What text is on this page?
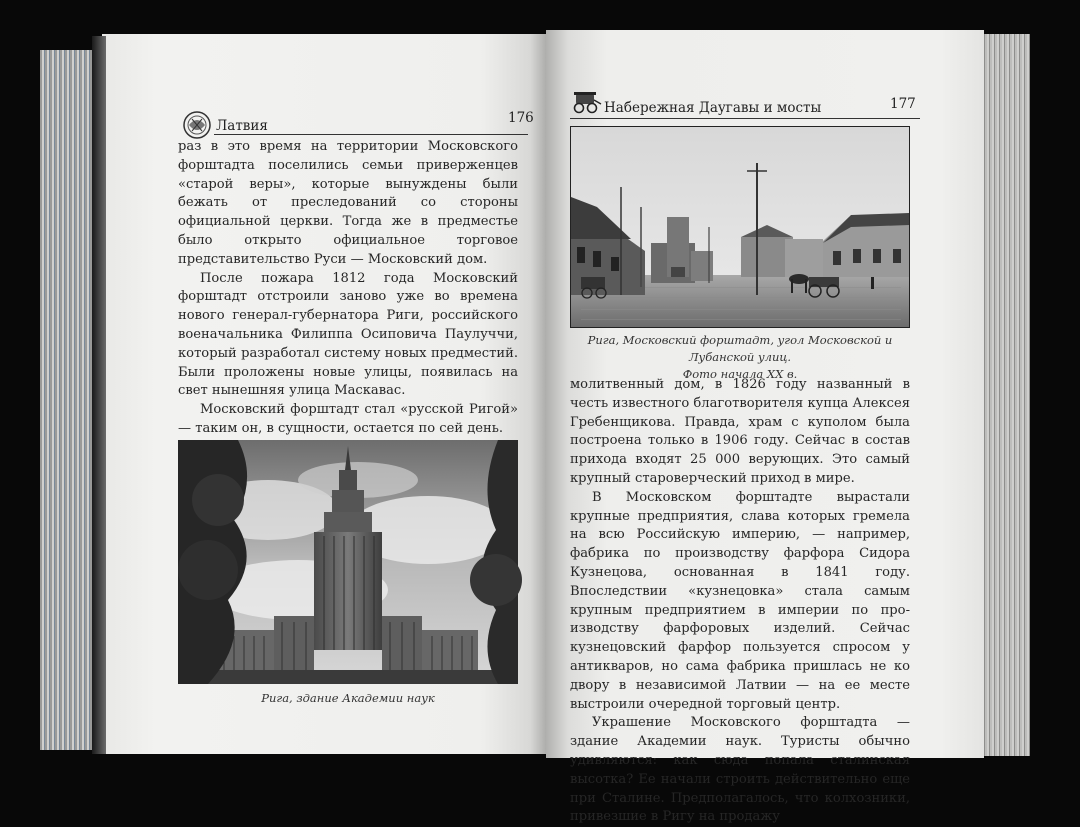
Латвия	176

раз в это время на территории Московского форштадта поселились семьи приверженцев «старой веры», которые вынуждены были бежать от преследований со стороны официальной церкви. Тогда же в предместье было открыто официальное торговое представительство Руси — Московский дом.

После пожара 1812 года Московский форштадт отстроили заново уже во времена нового генерал-губернатора Риги, российского военачальника Филиппа Осиповича Паулуччи, который разработал систему новых предместий. Были проложены новые улицы, появилась на свет нынешняя улица Маскавас.

Московский форштадт стал «русской Ригой» — таким он, в сущности, остается по сей день.

Рига, здание Академии наук
Набережная Даугавы и мосты	177
Рига, Московский форштадт, угол Московской и Лубанской улиц.
Фото начала XX в.

молитвенный дом, в 1826 году названный в честь известного благотворителя купца Алексея Гребенщикова. Правда, храм с куполом была построена только в 1906 году. Сейчас в состав прихода входят 25 000 верующих. Это самый крупный староверческий приход в мире.

В Московском форштадте вырастали крупные предприятия, слава которых гремела на всю Российскую империю, — например, фабрика по производству фарфора Сидора Кузнецова, основанная в 1841 году. Впоследствии «кузнецовка» стала самым крупным предприятием в империи по производству фарфоровых изделий. Сейчас кузнецовский фарфор пользуется спросом у антикваров, но сама фабрика пришлась не ко двору в независимой Латвии — на ее месте выстроили очередной торговый центр.

Украшение Московского форштадта — здание Академии наук. Туристы обычно удивляются: как сюда попала сталинская высотка? Ее начали строить действительно еще при Сталине. Предполагалось, что колхозники, привезшие в Ригу на продажу
